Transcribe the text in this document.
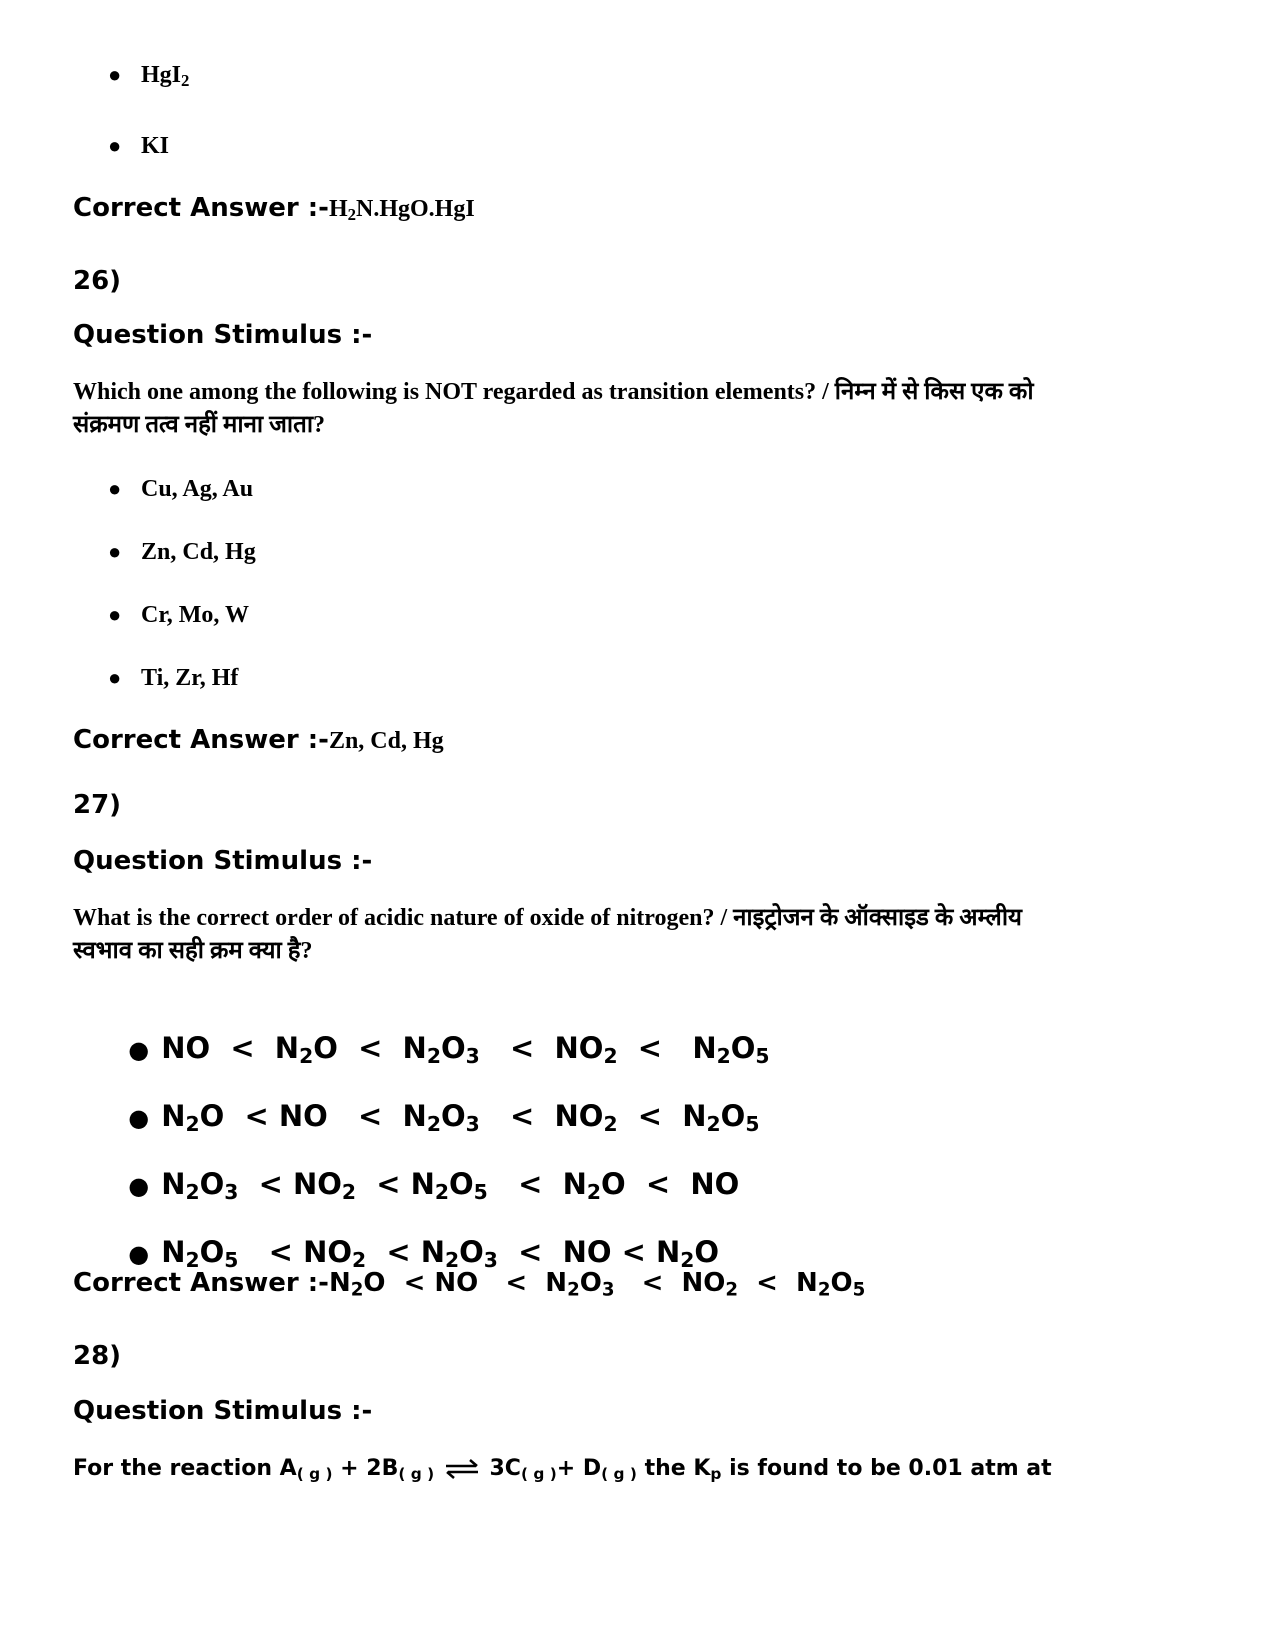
● HgI$_2$
● KI
Correct Answer $:-H_2N.HgO.HgI$
26)
Question Stimulus :-
Which one among the following is NOT regarded as transition elements? / निम्न में से किस एक को
संक्रमण तत्व नहीं माना जाता?
● Cu, Ag, Au
● Zn, Cd, Hg
● Cr, Mo, W
● Ti, Zr, Hf
Correct Answer :-Zn, Cd, Hg
27)
Question Stimulus :-
What is the correct order of acidic nature of oxide of nitrogen? / नाइट्रोजन के ऑक्साइड के अम्लीय
स्वभाव का सही क्रम क्या है?

● NO  <  $N_2O < N_2O_3 < NO_2 < N_2O_5$

● $N_2O$  < NO   <  $N_2O_3 < NO_2 < N_2O_5$

● $N_2O_3 < NO_2 < N_2O_5 < N_2O$  <  NO

● $N_2O_5 < NO_2 < N_2O_3$  <  NO < $N_2O$

Correct Answer $:-N_2O$  < NO   <  $N_2O_3 < NO_2 < N_2O_5$
28)
Question Stimulus :-
For the reaction $A_{( g )} + 2B_{( g )}$ ⇌ $3C_{( g )}+ D_{( g )}$ the $K_p$ is found to be 0.01 atm at
